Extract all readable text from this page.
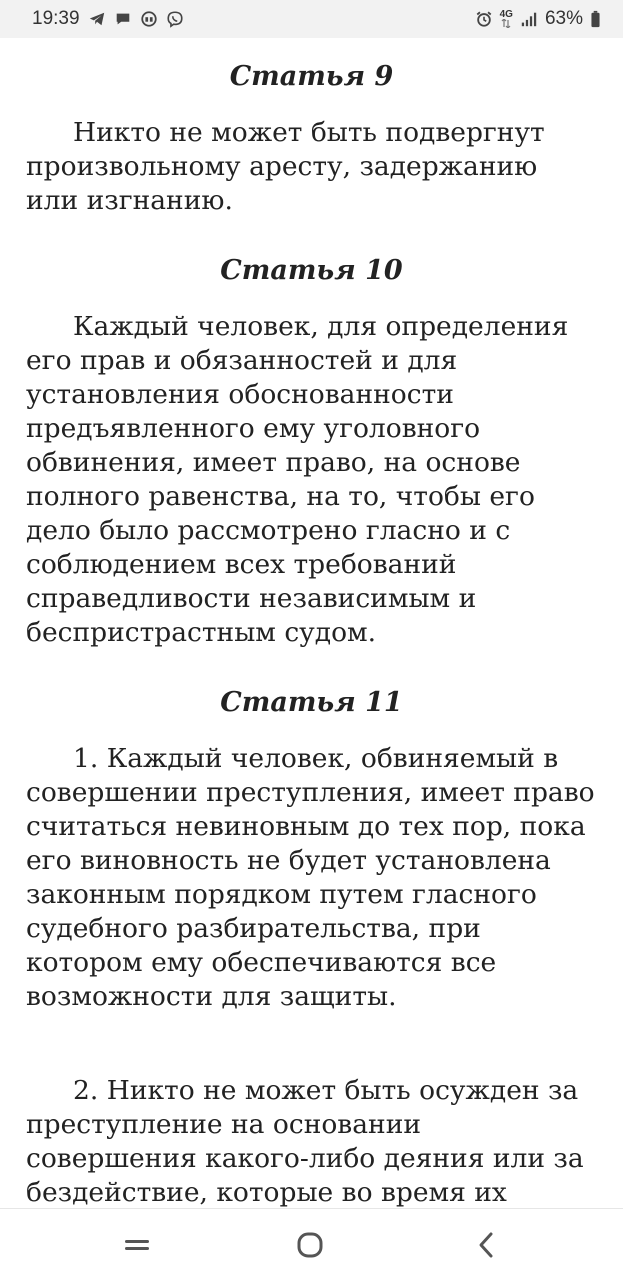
19:39	4G 63%
Статья 9

Никто не может быть подвергнут произвольному аресту, задержанию или изгнанию.

Статья 10

Каждый человек, для определения его прав и обязанностей и для установления обоснованности предъявленного ему уголовного обвинения, имеет право, на основе полного равенства, на то, чтобы его дело было рассмотрено гласно и с соблюдением всех требований справедливости независимым и беспристрастным судом.

Статья 11

1. Каждый человек, обвиняемый в совершении преступления, имеет право считаться невиновным до тех пор, пока его виновность не будет установлена законным порядком путем гласного судебного разбирательства, при котором ему обеспечиваются все возможности для защиты.

2. Никто не может быть осужден за преступление на основании совершения какого-либо деяния или за бездействие, которые во время их
